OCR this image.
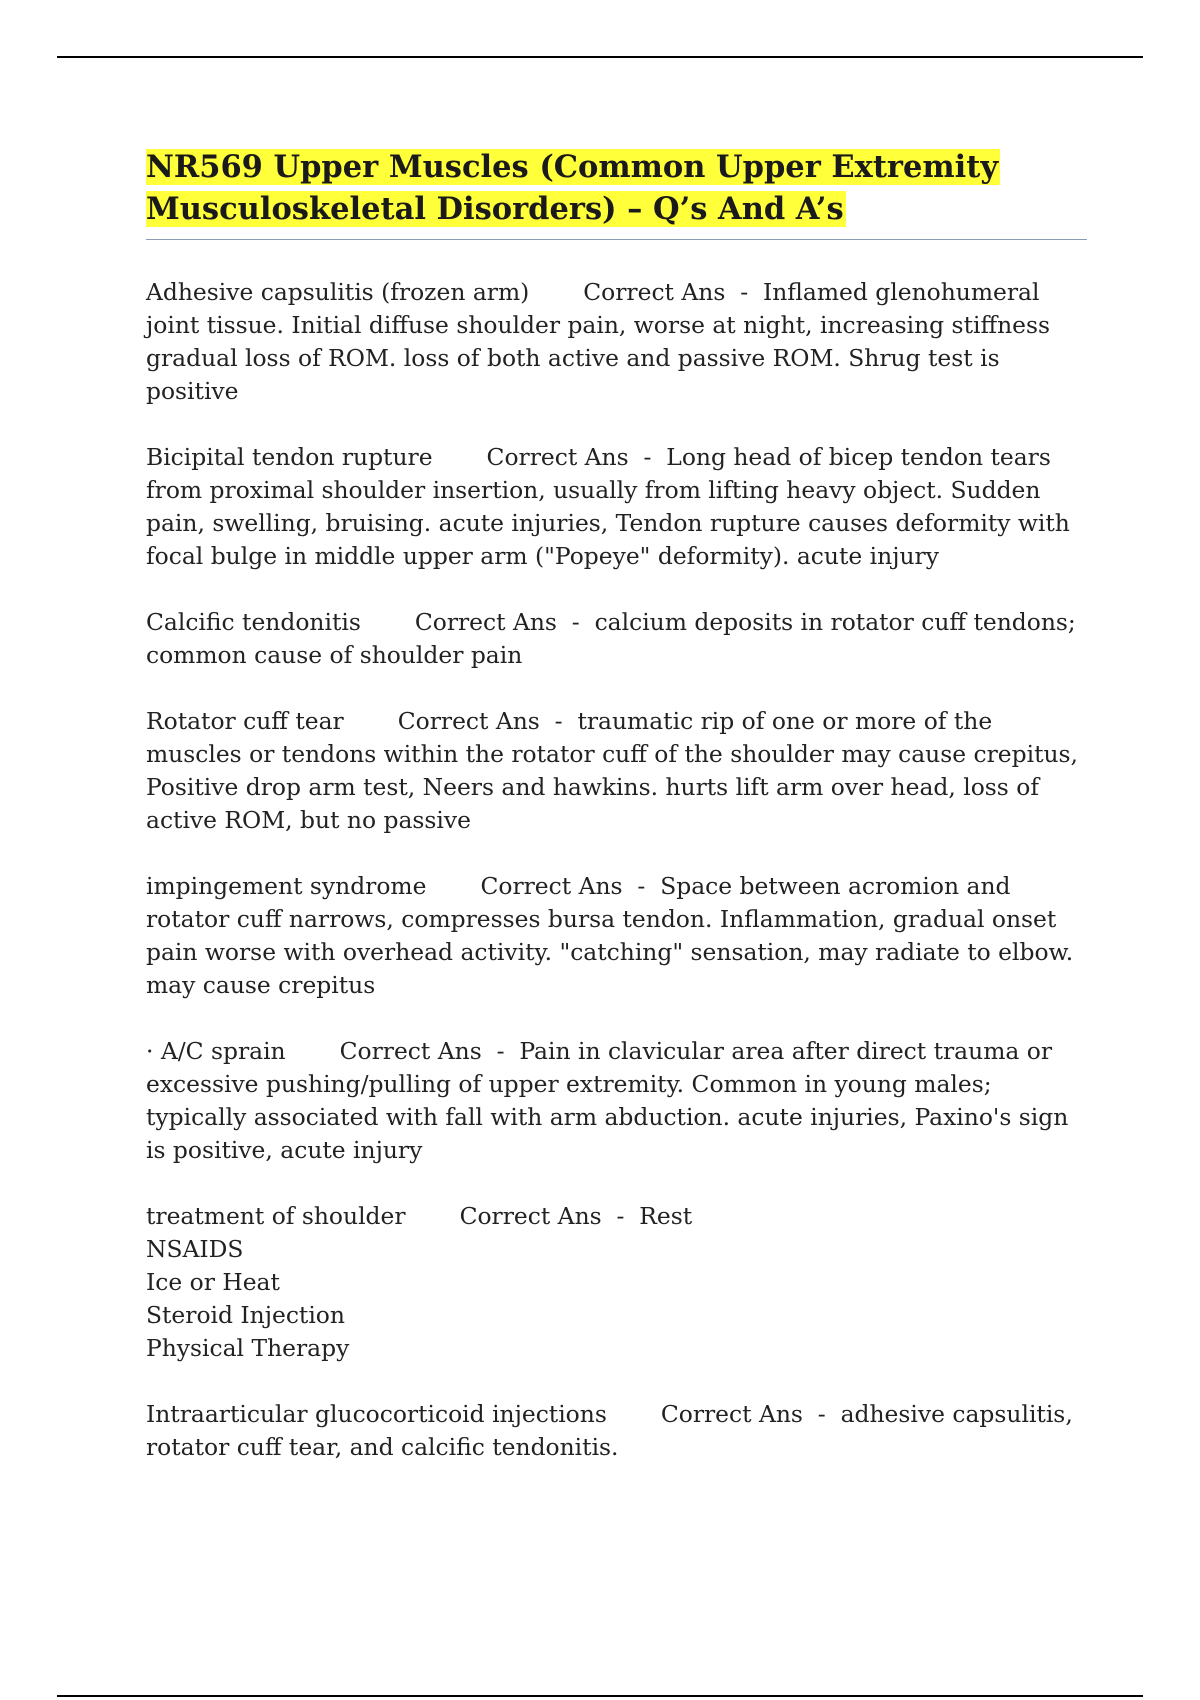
NR569 Upper Muscles (Common Upper Extremity
Musculoskeletal Disorders) – Q’s And A’s

Adhesive capsulitis (frozen arm) Correct Ans  -  Inflamed glenohumeral joint tissue. Initial diffuse shoulder pain, worse at night, increasing stiffness gradual loss of ROM. loss of both active and passive ROM. Shrug test is positive

Bicipital tendon rupture Correct Ans  -  Long head of bicep tendon tears from proximal shoulder insertion, usually from lifting heavy object. Sudden pain, swelling, bruising. acute injuries, Tendon rupture causes deformity with focal bulge in middle upper arm ("Popeye" deformity). acute injury

Calcific tendonitis Correct Ans  -  calcium deposits in rotator cuff tendons; common cause of shoulder pain

Rotator cuff tear Correct Ans  -  traumatic rip of one or more of the muscles or tendons within the rotator cuff of the shoulder may cause crepitus, Positive drop arm test, Neers and hawkins. hurts lift arm over head, loss of active ROM, but no passive

impingement syndrome Correct Ans  -  Space between acromion and rotator cuff narrows, compresses bursa tendon. Inflammation, gradual onset pain worse with overhead activity. "catching" sensation, may radiate to elbow. may cause crepitus

· A/C sprain Correct Ans  -  Pain in clavicular area after direct trauma or excessive pushing/pulling of upper extremity. Common in young males; typically associated with fall with arm abduction. acute injuries, Paxino's sign is positive, acute injury

treatment of shoulder Correct Ans  -  Rest
NSAIDS
Ice or Heat
Steroid Injection
Physical Therapy

Intraarticular glucocorticoid injections Correct Ans  -  adhesive capsulitis, rotator cuff tear, and calcific tendonitis.
